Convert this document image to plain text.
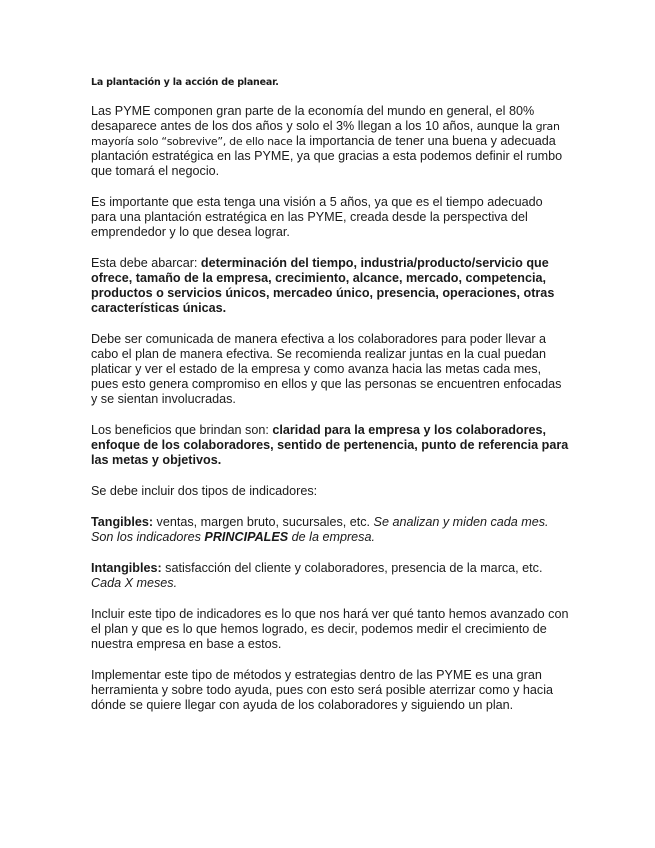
La plantación y la acción de planear.

Las PYME componen gran parte de la economía del mundo en general, el 80% desaparece antes de los dos años y solo el 3% llegan a los 10 años, aunque la gran mayoría solo “sobrevive”, de ello nace la importancia de tener una buena y adecuada plantación estratégica en las PYME, ya que gracias a esta podemos definir el rumbo que tomará el negocio.

Es importante que esta tenga una visión a 5 años, ya que es el tiempo adecuado para una plantación estratégica en las PYME, creada desde la perspectiva del emprendedor y lo que desea lograr.

Esta debe abarcar: determinación del tiempo, industria/producto/servicio que ofrece, tamaño de la empresa, crecimiento, alcance, mercado, competencia, productos o servicios únicos, mercadeo único, presencia, operaciones, otras características únicas.

Debe ser comunicada de manera efectiva a los colaboradores para poder llevar a cabo el plan de manera efectiva. Se recomienda realizar juntas en la cual puedan platicar y ver el estado de la empresa y como avanza hacia las metas cada mes, pues esto genera compromiso en ellos y que las personas se encuentren enfocadas y se sientan involucradas.

Los beneficios que brindan son: claridad para la empresa y los colaboradores, enfoque de los colaboradores, sentido de pertenencia, punto de referencia para las metas y objetivos.

Se debe incluir dos tipos de indicadores:

Tangibles: ventas, margen bruto, sucursales, etc. Se analizan y miden cada mes. Son los indicadores PRINCIPALES de la empresa.

Intangibles: satisfacción del cliente y colaboradores, presencia de la marca, etc. Cada X meses.

Incluir este tipo de indicadores es lo que nos hará ver qué tanto hemos avanzado con el plan y que es lo que hemos logrado, es decir, podemos medir el crecimiento de nuestra empresa en base a estos.

Implementar este tipo de métodos y estrategias dentro de las PYME es una gran herramienta y sobre todo ayuda, pues con esto será posible aterrizar como y hacia dónde se quiere llegar con ayuda de los colaboradores y siguiendo un plan.
